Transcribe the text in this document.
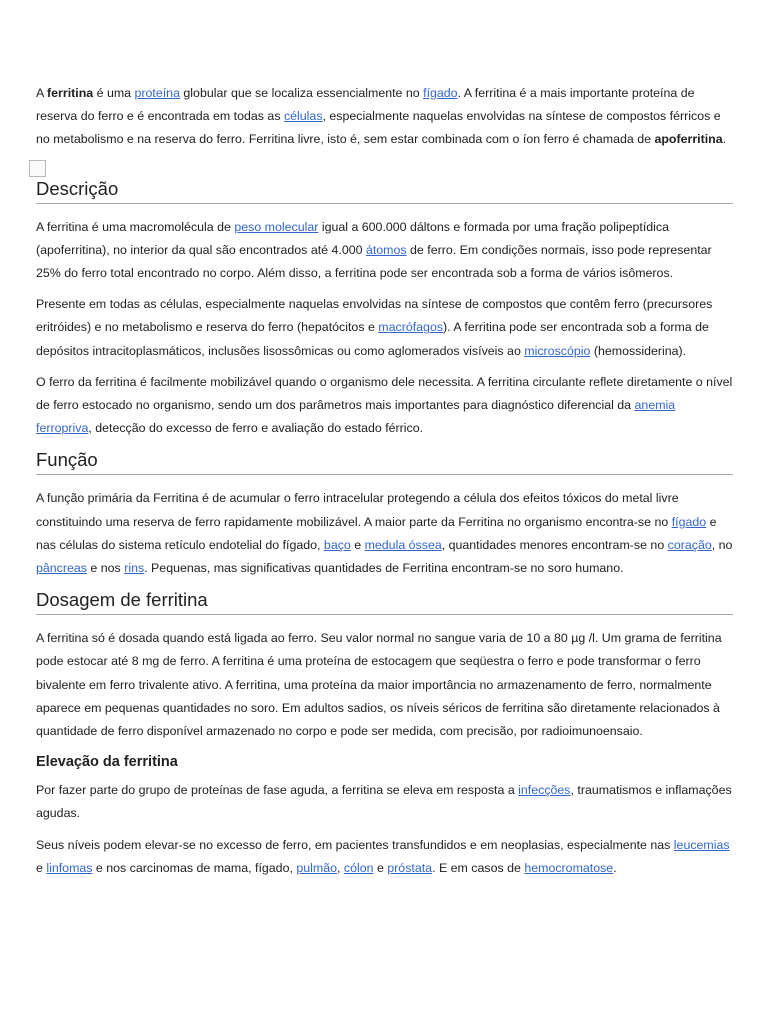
A ferritina é uma proteína globular que se localiza essencialmente no fígado. A ferritina é a mais importante proteína de reserva do ferro e é encontrada em todas as células, especialmente naquelas envolvidas na síntese de compostos férricos e no metabolismo e na reserva do ferro. Ferritina livre, isto é, sem estar combinada com o íon ferro é chamada de apoferritina.

Descrição

A ferritina é uma macromolécula de peso molecular igual a 600.000 dáltons e formada por uma fração polipeptídica (apoferritina), no interior da qual são encontrados até 4.000 átomos de ferro. Em condições normais, isso pode representar 25% do ferro total encontrado no corpo. Além disso, a ferritina pode ser encontrada sob a forma de vários isômeros.

Presente em todas as células, especialmente naquelas envolvidas na síntese de compostos que contêm ferro (precursores eritróides) e no metabolismo e reserva do ferro (hepatócitos e macrófagos). A ferritina pode ser encontrada sob a forma de depósitos intracitoplasmáticos, inclusões lisossômicas ou como aglomerados visíveis ao microscópio (hemossiderina).

O ferro da ferritina é facilmente mobilizável quando o organismo dele necessita. A ferritina circulante reflete diretamente o nível de ferro estocado no organismo, sendo um dos parâmetros mais importantes para diagnóstico diferencial da anemia ferropriva, detecção do excesso de ferro e avaliação do estado férrico.

Função

A função primária da Ferritina é de acumular o ferro intracelular protegendo a célula dos efeitos tóxicos do metal livre constituindo uma reserva de ferro rapidamente mobilizável. A maior parte da Ferritina no organismo encontra-se no fígado e nas células do sistema retículo endotelial do fígado, baço e medula óssea, quantidades menores encontram-se no coração, no pâncreas e nos rins. Pequenas, mas significativas quantidades de Ferritina encontram-se no soro humano.

Dosagem de ferritina

A ferritina só é dosada quando está ligada ao ferro. Seu valor normal no sangue varia de 10 a 80 µg /l. Um grama de ferritina pode estocar até 8 mg de ferro. A ferritina é uma proteína de estocagem que seqüestra o ferro e pode transformar o ferro bivalente em ferro trivalente ativo. A ferritina, uma proteína da maior importância no armazenamento de ferro, normalmente aparece em pequenas quantidades no soro. Em adultos sadios, os níveis séricos de ferritina são diretamente relacionados à quantidade de ferro disponível armazenado no corpo e pode ser medida, com precisão, por radioimunoensaio.

Elevação da ferritina

Por fazer parte do grupo de proteínas de fase aguda, a ferritina se eleva em resposta a infecções, traumatismos e inflamações agudas.

Seus níveis podem elevar-se no excesso de ferro, em pacientes transfundidos e em neoplasias, especialmente nas leucemias e linfomas e nos carcinomas de mama, fígado, pulmão, cólon e próstata. E em casos de hemocromatose.
